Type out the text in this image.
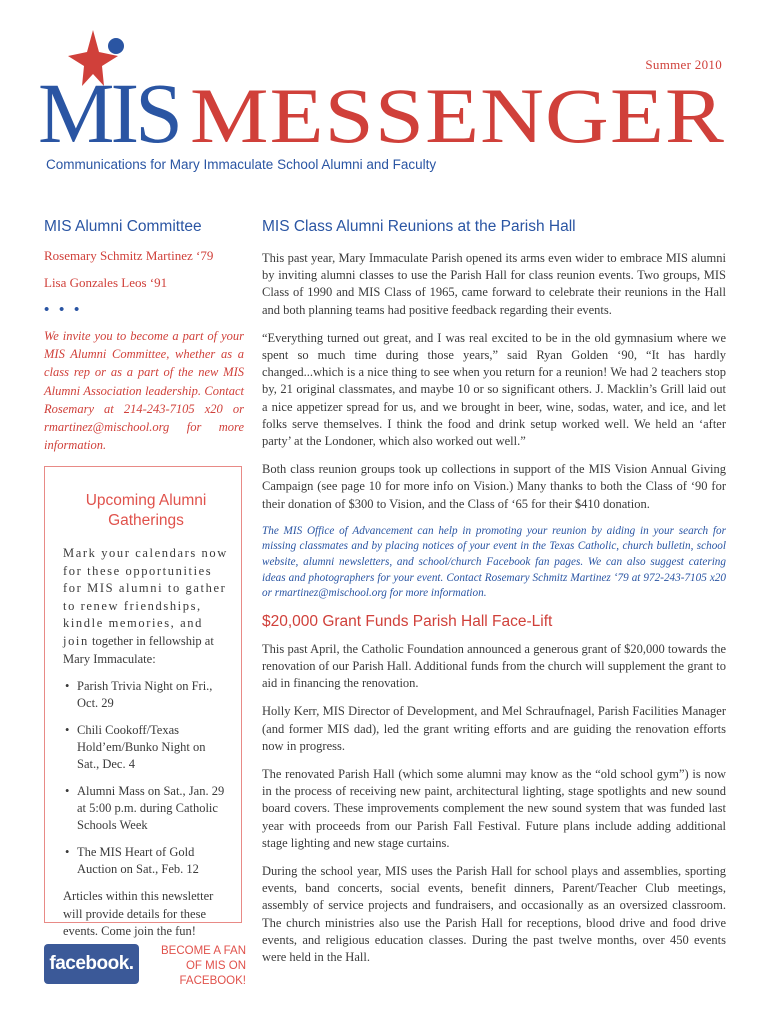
MIS MESSENGER
Summer 2010
Communications for Mary Immaculate School Alumni and Faculty
MIS Alumni Committee

Rosemary Schmitz Martinez ‘79

Lisa Gonzales Leos ‘91

• • •

We invite you to become a part of your MIS Alumni Committee, whether as a class rep or as a part of the new MIS Alumni Association leadership. Contact Rosemary at 214-243-7105 x20 or rmartinez@mischool.org for more information.

Upcoming Alumni Gatherings

Mark your calendars now for these opportunities for MIS alumni to gather to renew friendships, kindle memories, and join together in fellowship at Mary Immaculate:

• Parish Trivia Night on Fri., Oct. 29
• Chili Cookoff/Texas Hold’em/Bunko Night on Sat., Dec. 4
• Alumni Mass on Sat., Jan. 29 at 5:00 p.m. during Catholic Schools Week
• The MIS Heart of Gold Auction on Sat., Feb. 12

Articles within this newsletter will provide details for these events. Come join the fun!

facebook.
BECOME A FAN
OF MIS ON
FACEBOOK!
MIS Class Alumni Reunions at the Parish Hall

This past year, Mary Immaculate Parish opened its arms even wider to embrace MIS alumni by inviting alumni classes to use the Parish Hall for class reunion events. Two groups, MIS Class of 1990 and MIS Class of 1965, came forward to celebrate their reunions in the Hall and both planning teams had positive feedback regarding their events.

“Everything turned out great, and I was real excited to be in the old gymnasium where we spent so much time during those years,” said Ryan Golden ‘90, “It has hardly changed...which is a nice thing to see when you return for a reunion! We had 2 teachers stop by, 21 original classmates, and maybe 10 or so significant others. J. Macklin’s Grill laid out a nice appetizer spread for us, and we brought in beer, wine, sodas, water, and ice, and let folks serve themselves. I think the food and drink setup worked well. We held an ‘after party’ at the Londoner, which also worked out well.”

Both class reunion groups took up collections in support of the MIS Vision Annual Giving Campaign (see page 10 for more info on Vision.) Many thanks to both the Class of ‘90 for their donation of $300 to Vision, and the Class of ‘65 for their $410 donation.

The MIS Office of Advancement can help in promoting your reunion by aiding in your search for missing classmates and by placing notices of your event in the Texas Catholic, church bulletin, school website, alumni newsletters, and school/church Facebook fan pages. We can also suggest catering ideas and photographers for your event. Contact Rosemary Schmitz Martinez ‘79 at 972-243-7105 x20 or rmartinez@mischool.org for more information.

$20,000 Grant Funds Parish Hall Face-Lift

This past April, the Catholic Foundation announced a generous grant of $20,000 towards the renovation of our Parish Hall. Additional funds from the church will supplement the grant to aid in financing the renovation.

Holly Kerr, MIS Director of Development, and Mel Schraufnagel, Parish Facilities Manager (and former MIS dad), led the grant writing efforts and are guiding the renovation efforts now in progress.

The renovated Parish Hall (which some alumni may know as the “old school gym”) is now in the process of receiving new paint, architectural lighting, stage spotlights and new sound board covers. These improvements complement the new sound system that was funded last year with proceeds from our Parish Fall Festival. Future plans include adding additional stage lighting and new stage curtains.

During the school year, MIS uses the Parish Hall for school plays and assemblies, sporting events, band concerts, social events, benefit dinners, Parent/Teacher Club meetings, assembly of service projects and fundraisers, and occasionally as an oversized classroom. The church ministries also use the Parish Hall for receptions, blood drive and food drive events, and religious education classes. During the past twelve months, over 450 events were held in the Hall.
